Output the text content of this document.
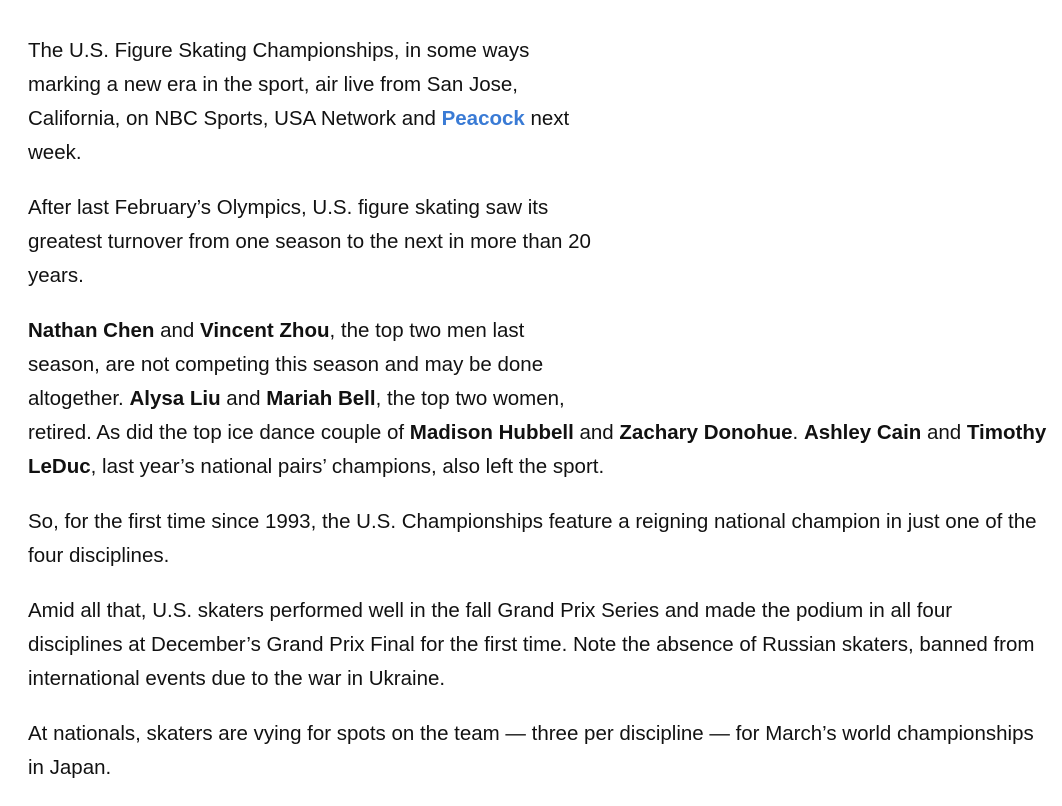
The U.S. Figure Skating Championships, in some ways marking a new era in the sport, air live from San Jose, California, on NBC Sports, USA Network and Peacock next week.

After last February’s Olympics, U.S. figure skating saw its greatest turnover from one season to the next in more than 20 years.

Nathan Chen and Vincent Zhou, the top two men last season, are not competing this season and may be done altogether. Alysa Liu and Mariah Bell, the top two women, retired. As did the top ice dance couple of Madison Hubbell and Zachary Donohue. Ashley Cain and Timothy LeDuc, last year’s national pairs’ champions, also left the sport.

So, for the first time since 1993, the U.S. Championships feature a reigning national champion in just one of the four disciplines.

Amid all that, U.S. skaters performed well in the fall Grand Prix Series and made the podium in all four disciplines at December’s Grand Prix Final for the first time. Note the absence of Russian skaters, banned from international events due to the war in Ukraine.

At nationals, skaters are vying for spots on the team — three per discipline — for March’s world championships in Japan.
